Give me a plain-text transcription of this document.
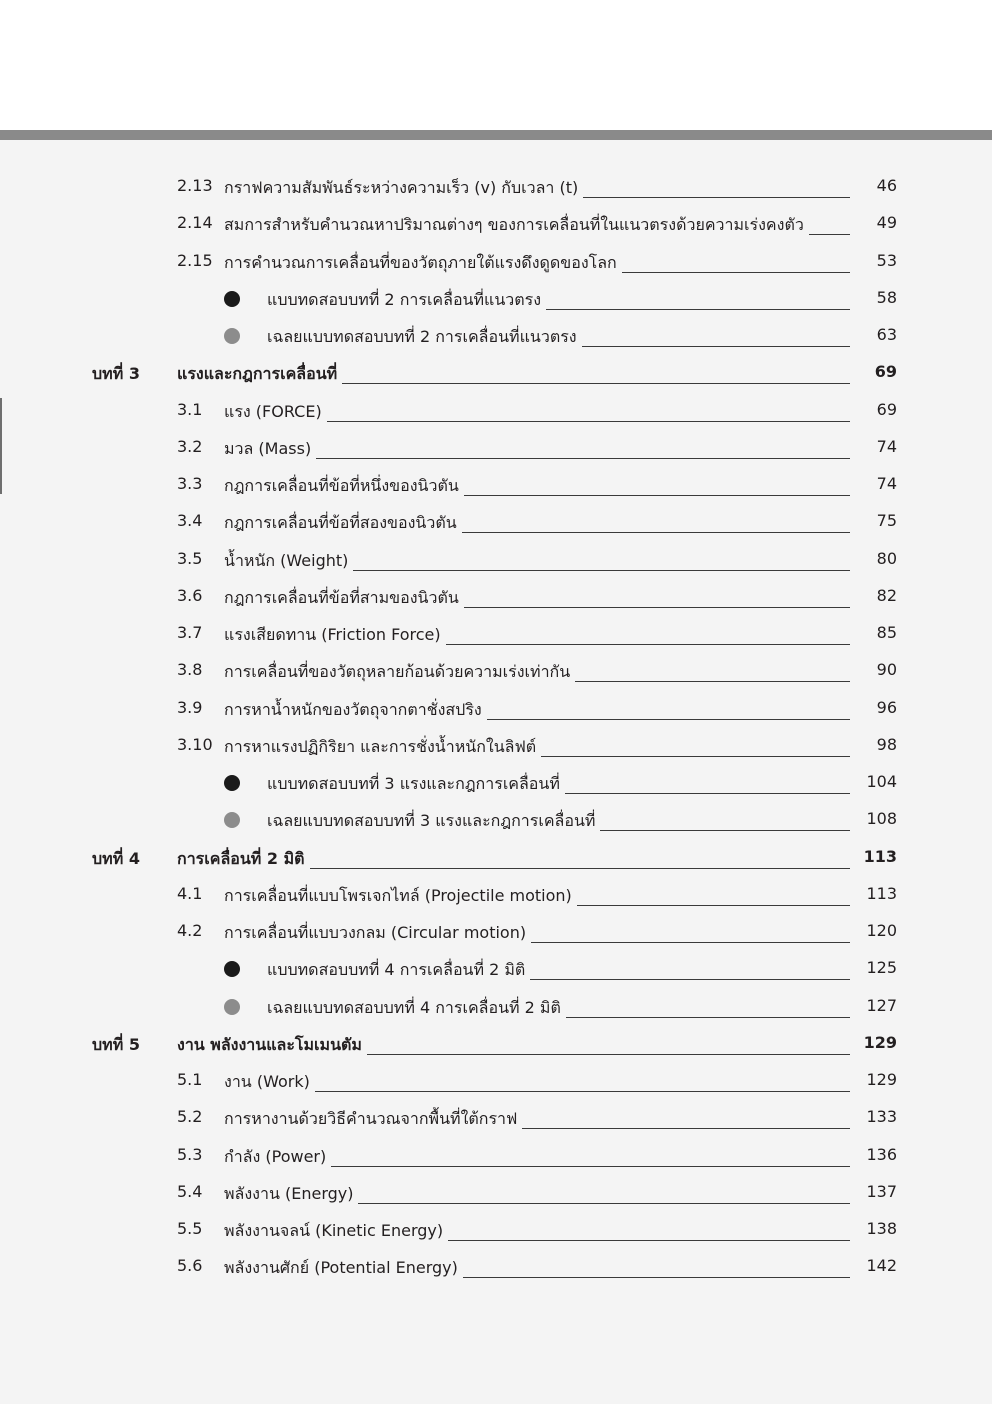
2.13 กราฟความสัมพันธ์ระหว่างความเร็ว (v) กับเวลา (t)	46
2.14 สมการสำหรับคำนวณหาปริมาณต่างๆ ของการเคลื่อนที่ในแนวตรงด้วยความเร่งคงตัว	49
2.15 การคำนวณการเคลื่อนที่ของวัตถุภายใต้แรงดึงดูดของโลก	53
แบบทดสอบบทที่ 2 การเคลื่อนที่แนวตรง	58
เฉลยแบบทดสอบบทที่ 2 การเคลื่อนที่แนวตรง	63
บทที่ 3 แรงและกฎการเคลื่อนที่	69
3.1 แรง (FORCE)	69
3.2 มวล (Mass)	74
3.3 กฎการเคลื่อนที่ข้อที่หนึ่งของนิวตัน	74
3.4 กฎการเคลื่อนที่ข้อที่สองของนิวตัน	75
3.5 น้ำหนัก (Weight)	80
3.6 กฎการเคลื่อนที่ข้อที่สามของนิวตัน	82
3.7 แรงเสียดทาน (Friction Force)	85
3.8 การเคลื่อนที่ของวัตถุหลายก้อนด้วยความเร่งเท่ากัน	90
3.9 การหาน้ำหนักของวัตถุจากตาชั่งสปริง	96
3.10 การหาแรงปฏิกิริยา และการชั่งน้ำหนักในลิฟต์	98
แบบทดสอบบทที่ 3 แรงและกฎการเคลื่อนที่	104
เฉลยแบบทดสอบบทที่ 3 แรงและกฎการเคลื่อนที่	108
บทที่ 4 การเคลื่อนที่ 2 มิติ	113
4.1 การเคลื่อนที่แบบโพรเจกไทล์ (Projectile motion)	113
4.2 การเคลื่อนที่แบบวงกลม (Circular motion)	120
แบบทดสอบบทที่ 4 การเคลื่อนที่ 2 มิติ	125
เฉลยแบบทดสอบบทที่ 4 การเคลื่อนที่ 2 มิติ	127
บทที่ 5 งาน พลังงานและโมเมนตัม	129
5.1 งาน (Work)	129
5.2 การหางานด้วยวิธีคำนวณจากพื้นที่ใต้กราฟ	133
5.3 กำลัง (Power)	136
5.4 พลังงาน (Energy)	137
5.5 พลังงานจลน์ (Kinetic Energy)	138
5.6 พลังงานศักย์ (Potential Energy)	142
